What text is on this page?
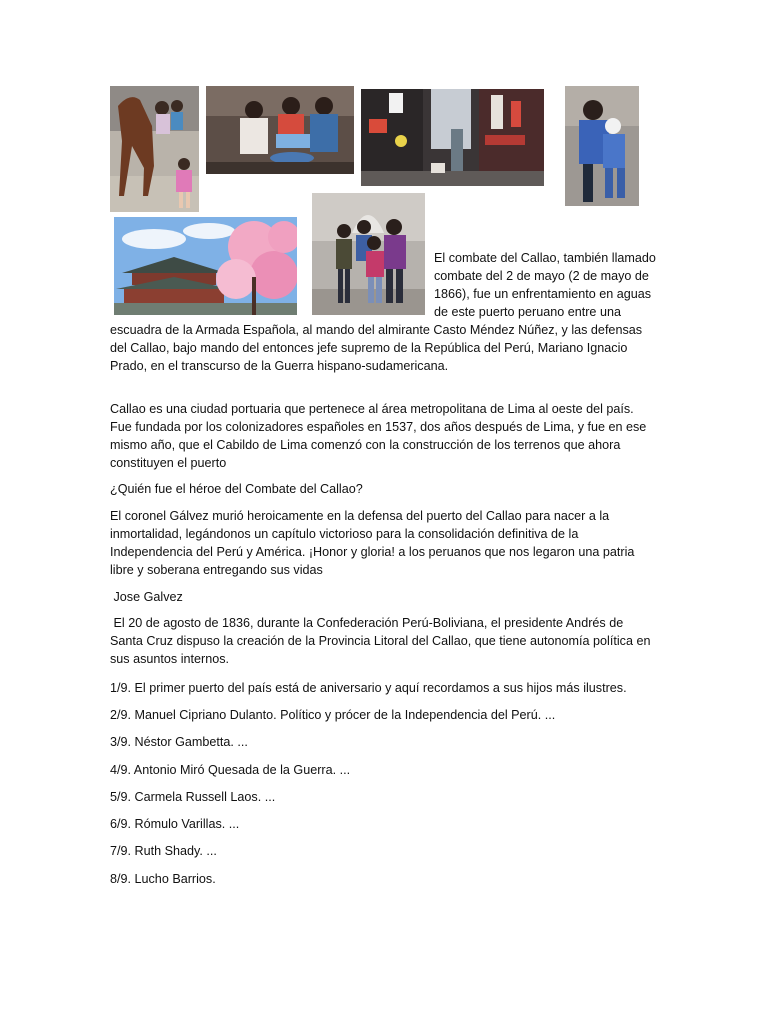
El combate del Callao, también llamado combate del 2 de mayo (2 de mayo de 1866), fue un enfrentamiento en aguas de este puerto peruano entre una escuadra de la Armada Española, al mando del almirante Casto Méndez Núñez, y las defensas del Callao, bajo mando del entonces jefe supremo de la República del Perú, Mariano Ignacio Prado, en el transcurso de la Guerra hispano-sudamericana.

Callao es una ciudad portuaria que pertenece al área metropolitana de Lima al oeste del país. Fue fundada por los colonizadores españoles en 1537, dos años después de Lima, y fue en ese mismo año, que el Cabildo de Lima comenzó con la construcción de los terrenos que ahora constituyen el puerto

¿Quién fue el héroe del Combate del Callao?

El coronel Gálvez murió heroicamente en la defensa del puerto del Callao para nacer a la inmortalidad, legándonos un capítulo victorioso para la consolidación definitiva de la Independencia del Perú y América. ¡Honor y gloria! a los peruanos que nos legaron una patria libre y soberana entregando sus vidas

Jose Galvez

El 20 de agosto de 1836, durante la Confederación Perú-Boliviana, el presidente Andrés de Santa Cruz dispuso la creación de la Provincia Litoral del Callao, que tiene autonomía política en sus asuntos internos.

1/9. El primer puerto del país está de aniversario y aquí recordamos a sus hijos más ilustres.

2/9. Manuel Cipriano Dulanto. Político y prócer de la Independencia del Perú. ...

3/9. Néstor Gambetta. ...

4/9. Antonio Miró Quesada de la Guerra. ...

5/9. Carmela Russell Laos. ...

6/9. Rómulo Varillas. ...

7/9. Ruth Shady. ...

8/9. Lucho Barrios.
